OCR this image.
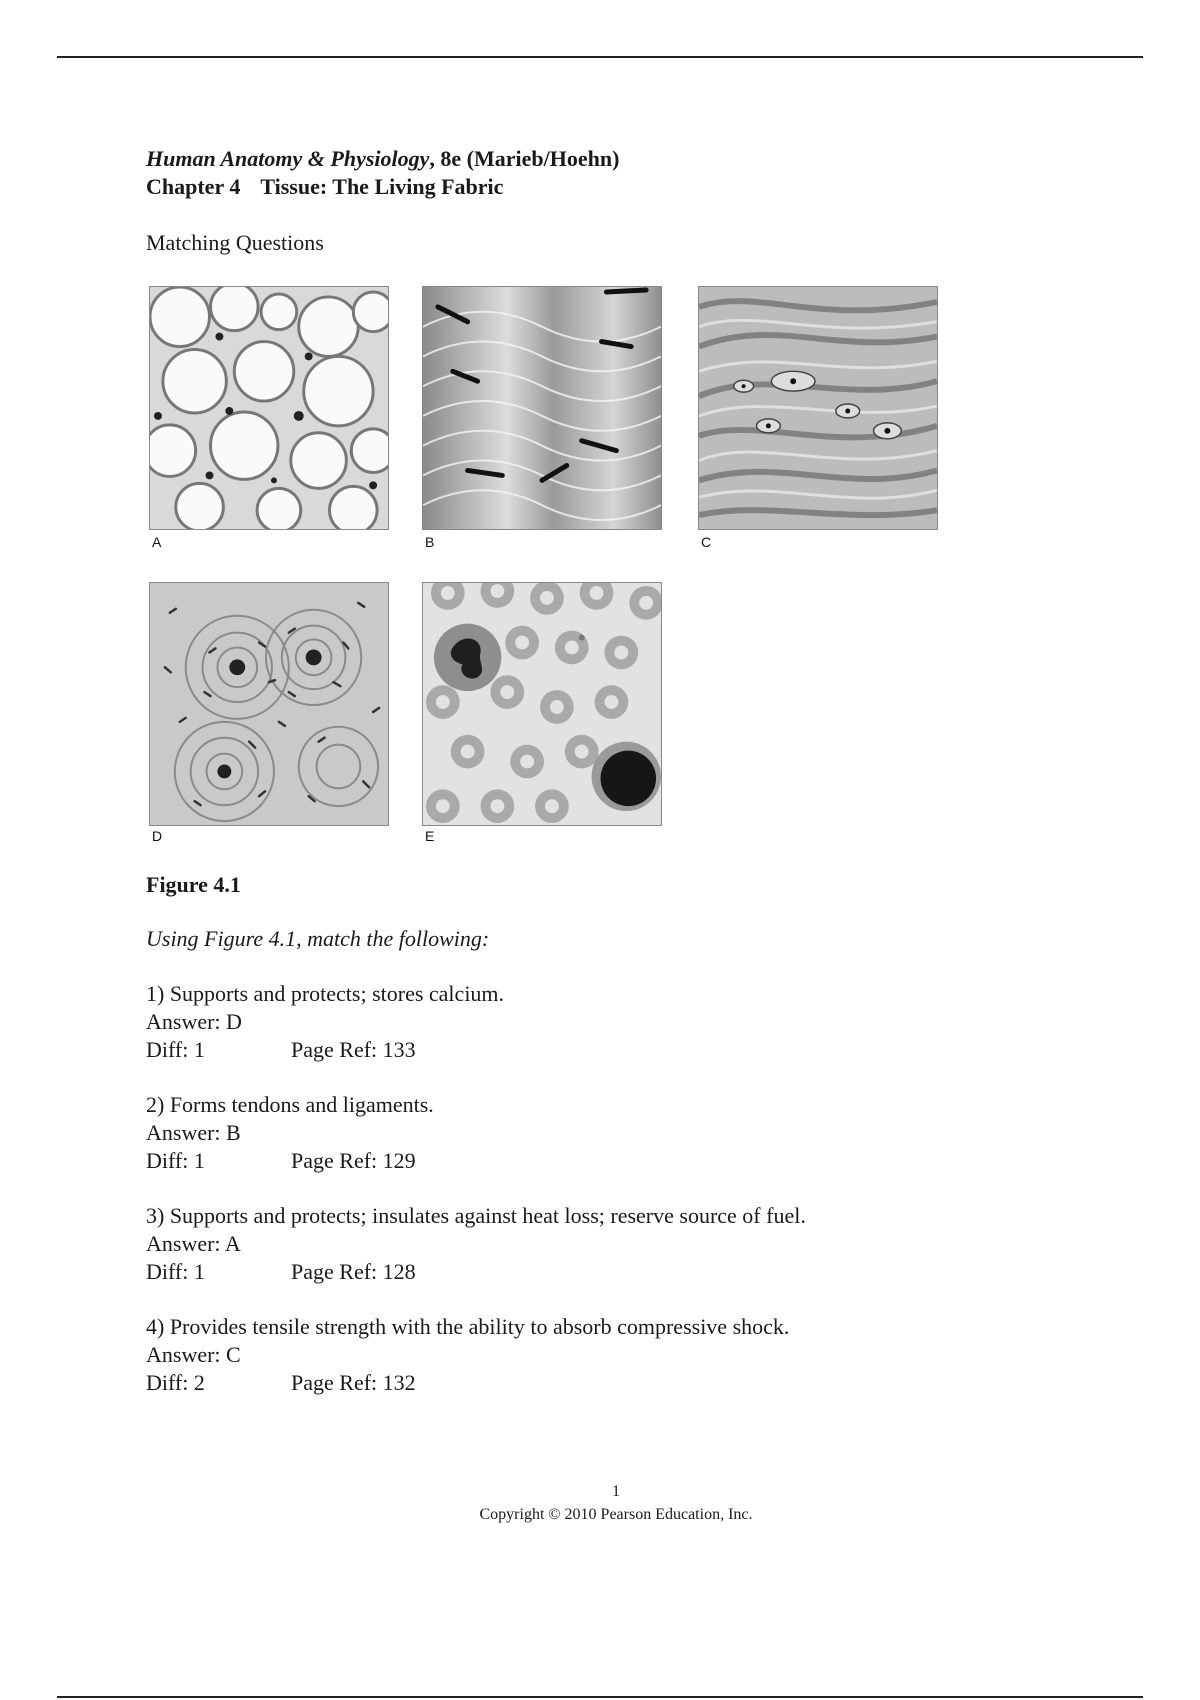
Human Anatomy & Physiology, 8e (Marieb/Hoehn)
Chapter 4 Tissue: The Living Fabric
Matching Questions
A	B	C
D	E
Figure 4.1
Using Figure 4.1, match the following:
1) Supports and protects; stores calcium.
Answer: D
Diff: 1	Page Ref: 133
2) Forms tendons and ligaments.
Answer: B
Diff: 1	Page Ref: 129
3) Supports and protects; insulates against heat loss; reserve source of fuel.
Answer: A
Diff: 1	Page Ref: 128
4) Provides tensile strength with the ability to absorb compressive shock.
Answer: C
Diff: 2	Page Ref: 132
1
Copyright © 2010 Pearson Education, Inc.
